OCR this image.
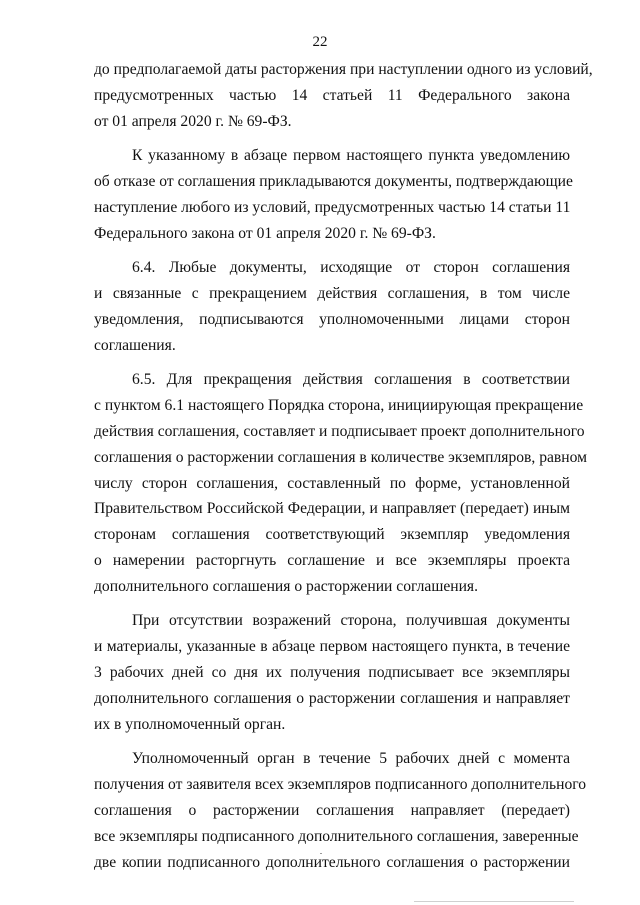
22
до предполагаемой даты расторжения при наступлении одного из условий,
предусмотренных частью 14 статьей 11 Федерального закона
от 01 апреля 2020 г. № 69-ФЗ.
К указанному в абзаце первом настоящего пункта уведомлению
об отказе от соглашения прикладываются документы, подтверждающие
наступление любого из условий, предусмотренных частью 14 статьи 11
Федерального закона от 01 апреля 2020 г. № 69-ФЗ.
6.4. Любые документы, исходящие от сторон соглашения
и связанные с прекращением действия соглашения, в том числе
уведомления, подписываются уполномоченными лицами сторон
соглашения.
6.5. Для прекращения действия соглашения в соответствии
с пунктом 6.1 настоящего Порядка сторона, инициирующая прекращение
действия соглашения, составляет и подписывает проект дополнительного
соглашения о расторжении соглашения в количестве экземпляров, равном
числу сторон соглашения, составленный по форме, установленной
Правительством Российской Федерации, и направляет (передает) иным
сторонам соглашения соответствующий экземпляр уведомления
о намерении расторгнуть соглашение и все экземпляры проекта
дополнительного соглашения о расторжении соглашения.
При отсутствии возражений сторона, получившая документы
и материалы, указанные в абзаце первом настоящего пункта, в течение
3 рабочих дней со дня их получения подписывает все экземпляры
дополнительного соглашения о расторжении соглашения и направляет
их в уполномоченный орган.
Уполномоченный орган в течение 5 рабочих дней с момента
получения от заявителя всех экземпляров подписанного дополнительного
соглашения о расторжении соглашения направляет (передает)
все экземпляры подписанного дополнительного соглашения, заверенные
две копии подписанного дополнительного соглашения о расторжении
